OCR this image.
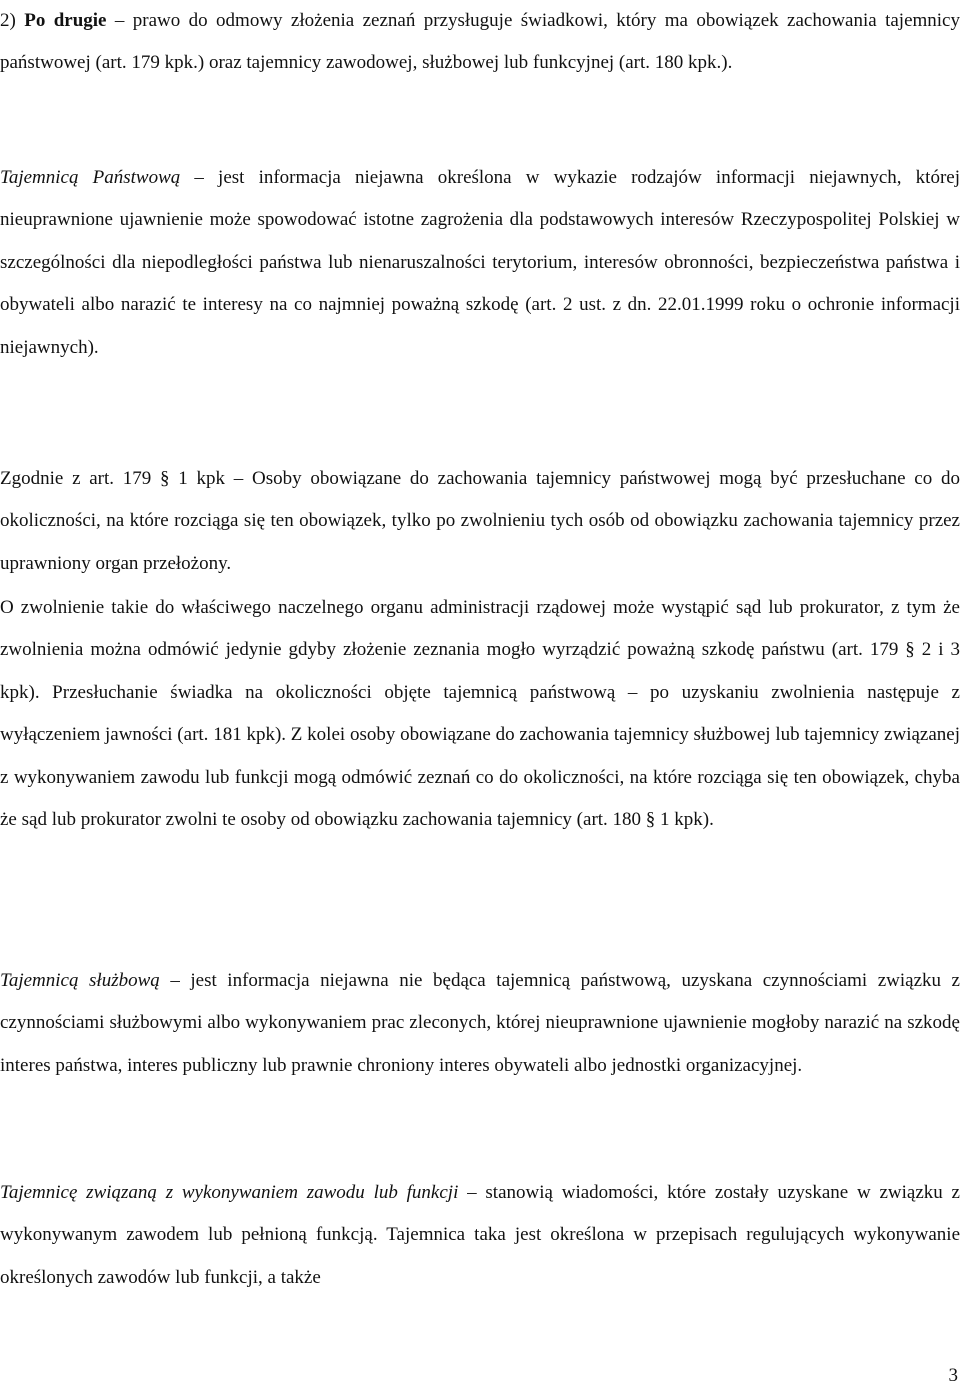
2) Po drugie – prawo do odmowy złożenia zeznań przysługuje świadkowi, który ma obowiązek zachowania tajemnicy państwowej (art. 179 kpk.) oraz tajemnicy zawodowej, służbowej lub funkcyjnej (art. 180 kpk.).

Tajemnicą Państwową – jest informacja niejawna określona w wykazie rodzajów informacji niejawnych, której nieuprawnione ujawnienie może spowodować istotne zagrożenia dla podstawowych interesów Rzeczypospolitej Polskiej w szczególności dla niepodległości państwa lub nienaruszalności terytorium, interesów obronności, bezpieczeństwa państwa i obywateli albo narazić te interesy na co najmniej poważną szkodę (art. 2 ust. z dn. 22.01.1999 roku o ochronie informacji niejawnych).

Zgodnie z art. 179 § 1 kpk – Osoby obowiązane do zachowania tajemnicy państwowej mogą być przesłuchane co do okoliczności, na które rozciąga się ten obowiązek, tylko po zwolnieniu tych osób od obowiązku zachowania tajemnicy przez uprawniony organ przełożony.

O zwolnienie takie do właściwego naczelnego organu administracji rządowej może wystąpić sąd lub prokurator, z tym że zwolnienia można odmówić jedynie gdyby złożenie zeznania mogło wyrządzić poważną szkodę państwu (art. 179 § 2 i 3 kpk). Przesłuchanie świadka na okoliczności objęte tajemnicą państwową – po uzyskaniu zwolnienia następuje z wyłączeniem jawności (art. 181 kpk). Z kolei osoby obowiązane do zachowania tajemnicy służbowej lub tajemnicy związanej z wykonywaniem zawodu lub funkcji mogą odmówić zeznań co do okoliczności, na które rozciąga się ten obowiązek, chyba że sąd lub prokurator zwolni te osoby od obowiązku zachowania tajemnicy (art. 180 § 1 kpk).

Tajemnicą służbową – jest informacja niejawna nie będąca tajemnicą państwową, uzyskana czynnościami związku z czynnościami służbowymi albo wykonywaniem prac zleconych, której nieuprawnione ujawnienie mogłoby narazić na szkodę interes państwa, interes publiczny lub prawnie chroniony interes obywateli albo jednostki organizacyjnej.

Tajemnicę związaną z wykonywaniem zawodu lub funkcji – stanowią wiadomości, które zostały uzyskane w związku z wykonywanym zawodem lub pełnioną funkcją. Tajemnica taka jest określona w przepisach regulujących wykonywanie określonych zawodów lub funkcji, a także

3
